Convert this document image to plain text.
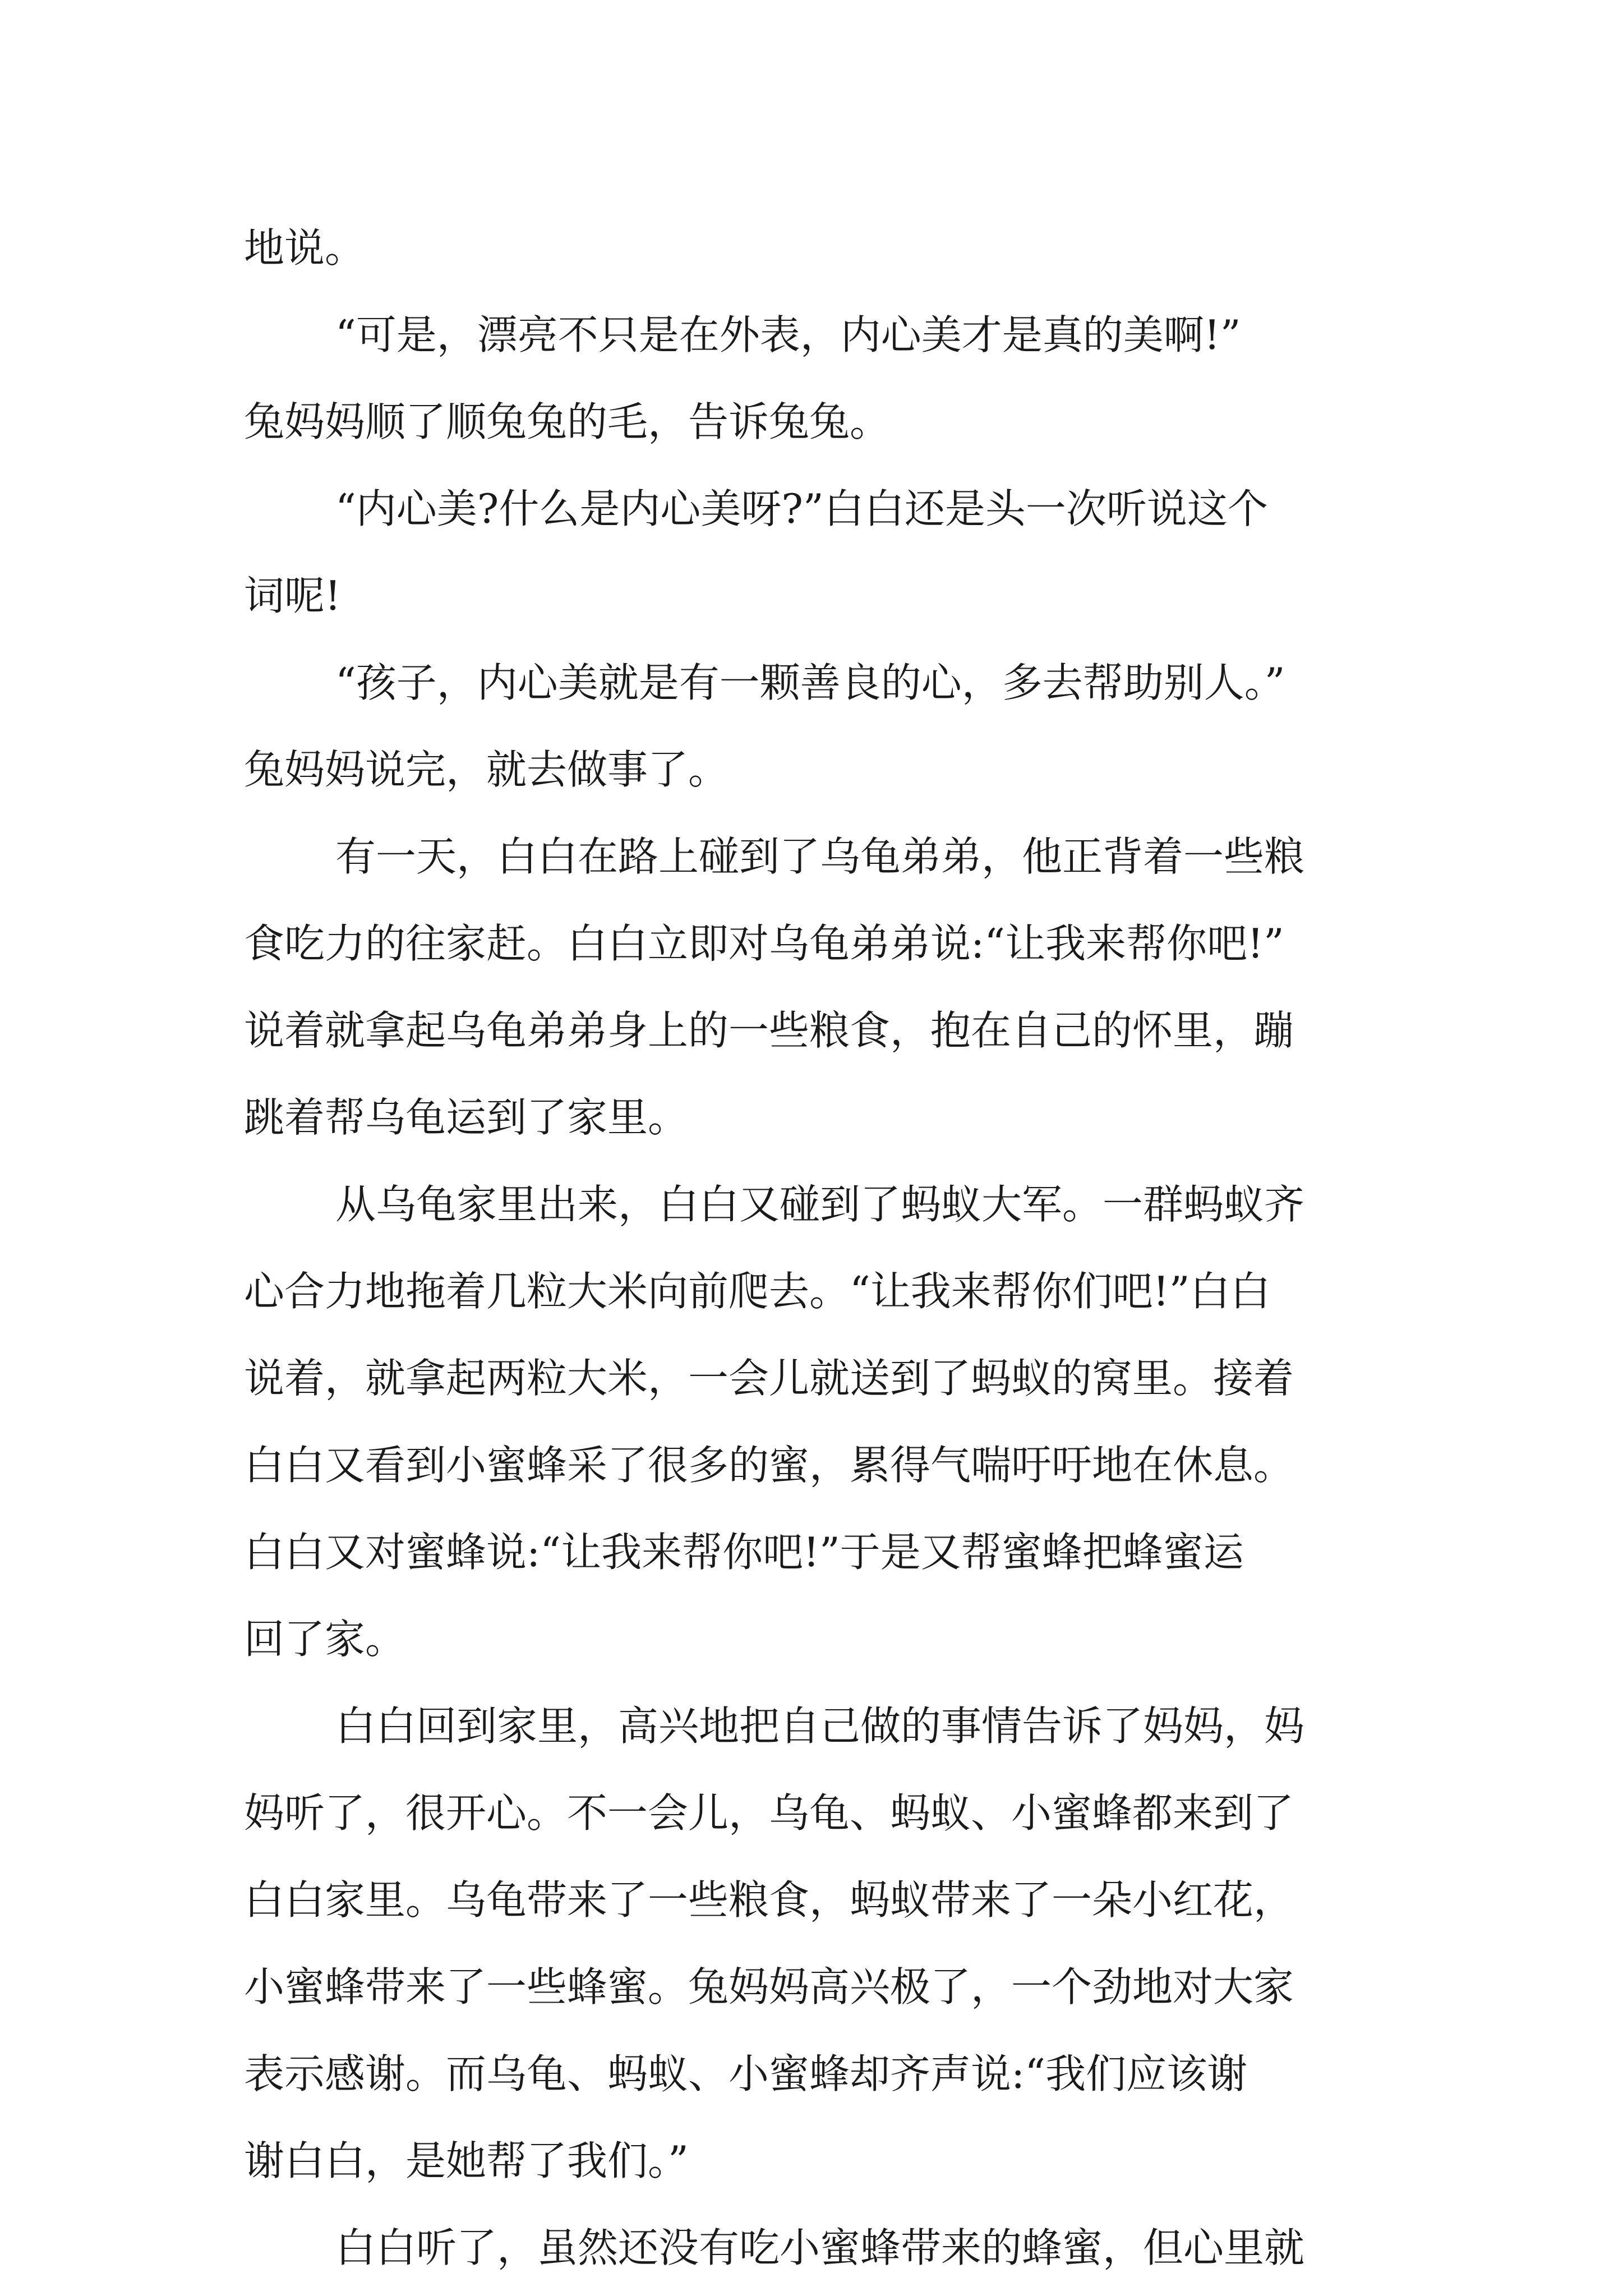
地说。

“可是，漂亮不只是在外表，内心美才是真的美啊!”

兔妈妈顺了顺兔兔的毛，告诉兔兔。

“内心美?什么是内心美呀?”白白还是头一次听说这个

词呢!

“孩子，内心美就是有一颗善良的心，多去帮助别人。”

兔妈妈说完，就去做事了。

有一天，白白在路上碰到了乌龟弟弟，他正背着一些粮

食吃力的往家赶。白白立即对乌龟弟弟说:“让我来帮你吧!”

说着就拿起乌龟弟弟身上的一些粮食，抱在自己的怀里，蹦

跳着帮乌龟运到了家里。

从乌龟家里出来，白白又碰到了蚂蚁大军。一群蚂蚁齐

心合力地拖着几粒大米向前爬去。“让我来帮你们吧!”白白

说着，就拿起两粒大米，一会儿就送到了蚂蚁的窝里。接着

白白又看到小蜜蜂采了很多的蜜，累得气喘吁吁地在休息。

白白又对蜜蜂说:“让我来帮你吧!”于是又帮蜜蜂把蜂蜜运

回了家。

白白回到家里，高兴地把自己做的事情告诉了妈妈，妈

妈听了，很开心。不一会儿，乌龟、蚂蚁、小蜜蜂都来到了

白白家里。乌龟带来了一些粮食，蚂蚁带来了一朵小红花，

小蜜蜂带来了一些蜂蜜。兔妈妈高兴极了，一个劲地对大家

表示感谢。而乌龟、蚂蚁、小蜜蜂却齐声说:“我们应该谢

谢白白，是她帮了我们。”

白白听了，虽然还没有吃小蜜蜂带来的蜂蜜，但心里就
